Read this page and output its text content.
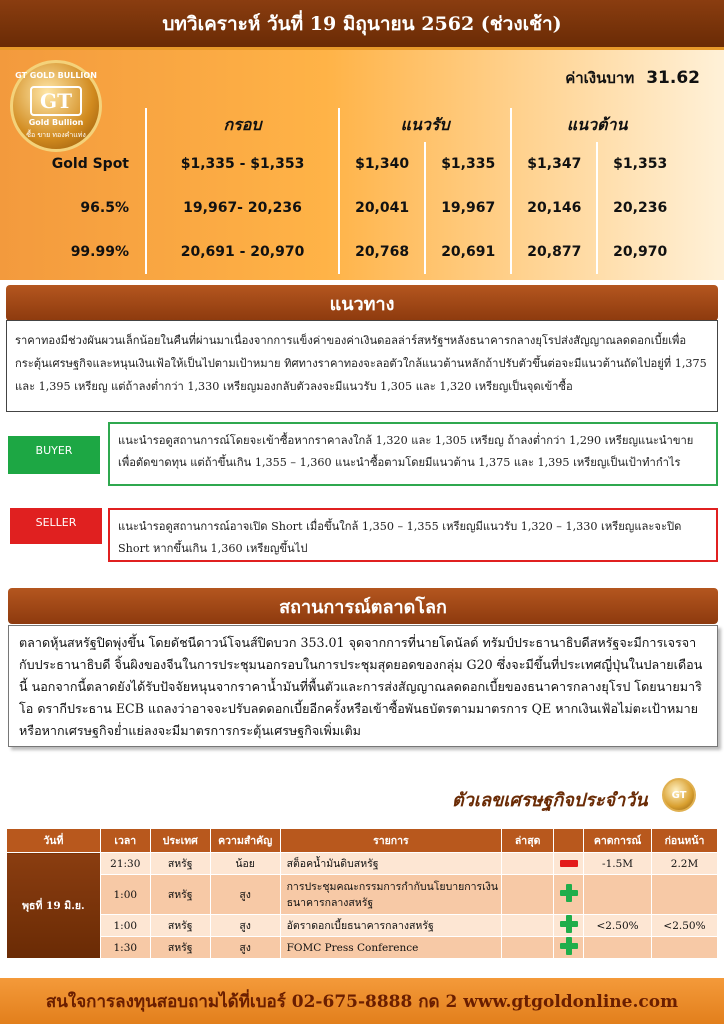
บทวิเคราะห์ วันที่ 19 มิถุนายน 2562 (ช่วงเช้า)
GT GOLD BULLION
GT
Gold Bullion
ซื้อ ขาย ทองคำแท่ง
ค่าเงินบาท 31.62
	กรอบ	แนวรับ		แนวต้าน	
Gold Spot	$1,335 - $1,353	$1,340	$1,335	$1,347	$1,353
96.5%	19,967- 20,236	20,041	19,967	20,146	20,236
99.99%	20,691 - 20,970	20,768	20,691	20,877	20,970
แนวทาง
ราคาทองมีช่วงผันผวนเล็กน้อยในคืนที่ผ่านมาเนื่องจากการแข็งค่าของค่าเงินดอลล่าร์สหรัฐฯหลังธนาคารกลางยุโรปส่งสัญญาณลดดอกเบี้ยเพื่อกระตุ้นเศรษฐกิจและหนุนเงินเฟ้อให้เป็นไปตามเป้าหมาย ทิศทางราคาทองจะลอตัวใกล้แนวต้านหลักถ้าปรับตัวขึ้นต่อจะมีแนวต้านถัดไปอยู่ที่ 1,375 และ 1,395 เหรียญ แต่ถ้าลงต่ำกว่า 1,330 เหรียญมองกลับตัวลงจะมีแนวรับ 1,305 และ 1,320 เหรียญเป็นจุดเข้าซื้อ
BUYER
แนะนำรอดูสถานการณ์โดยจะเข้าซื้อหากราคาลงใกล้ 1,320 และ 1,305 เหรียญ ถ้าลงต่ำกว่า 1,290 เหรียญแนะนำขายเพื่อตัดขาดทุน แต่ถ้าขึ้นเกิน 1,355 – 1,360 แนะนำซื้อตามโดยมีแนวต้าน 1,375 และ 1,395 เหรียญเป็นเป้าทำกำไร
SELLER	แนะนำรอดูสถานการณ์อาจเปิด Short เมื่อขึ้นใกล้ 1,350 – 1,355 เหรียญมีแนวรับ 1,320 – 1,330 เหรียญและจะปิด Short หากขึ้นเกิน 1,360 เหรียญขึ้นไป
สถานการณ์ตลาดโลก
ตลาดหุ้นสหรัฐปิดพุ่งขึ้น โดยดัชนีดาวน์โจนส์ปิดบวก 353.01 จุดจากการที่นายโดนัลด์ ทรัมป์ประธานาธิบดีสหรัฐจะมีการเจรจากับประธานาธิบดี จิ้นผิงของจีนในการประชุมนอกรอบในการประชุมสุดยอดของกลุ่ม G20 ซึ่งจะมีขึ้นที่ประเทศญี่ปุ่นในปลายเดือนนี้ นอกจากนี้ตลาดยังได้รับปัจจัยหนุนจากราคาน้ำมันที่พื้นตัวและการส่งสัญญาณลดดอกเบี้ยของธนาคารกลางยุโรป โดยนายมาริโอ ดรากีประธาน ECB แถลงว่าอาจจะปรับลดดอกเบี้ยอีกครั้งหรือเข้าซื้อพันธบัตรตามมาตรการ QE หากเงินเฟ้อไม่ตะเป้าหมายหรือหากเศรษฐกิจย่ำแย่ลงจะมีมาตรการกระตุ้นเศรษฐกิจเพิ่มเติม
ตัวเลขเศรษฐกิจประจำวัน	GT
วันที่	เวลา	ประเทศ	ความสำคัญ	รายการ	ล่าสุด		คาดการณ์	ก่อนหน้า
พุธที่ 19 มิ.ย.	21:30	สหรัฐ	น้อย	สต็อคน้ำมันดิบสหรัฐ			-1.5M	2.2M
	1:00	สหรัฐ	สูง	การประชุมคณะกรรมการกำกับนโยบายการเงินธนาคารกลางสหรัฐ				
	1:00	สหรัฐ	สูง	อัตราดอกเบี้ยธนาคารกลางสหรัฐ			<2.50%	<2.50%
	1:30	สหรัฐ	สูง	FOMC Press Conference				
สนใจการลงทุนสอบถามได้ที่เบอร์ 02-675-8888 กด 2 www.gtgoldonline.com
